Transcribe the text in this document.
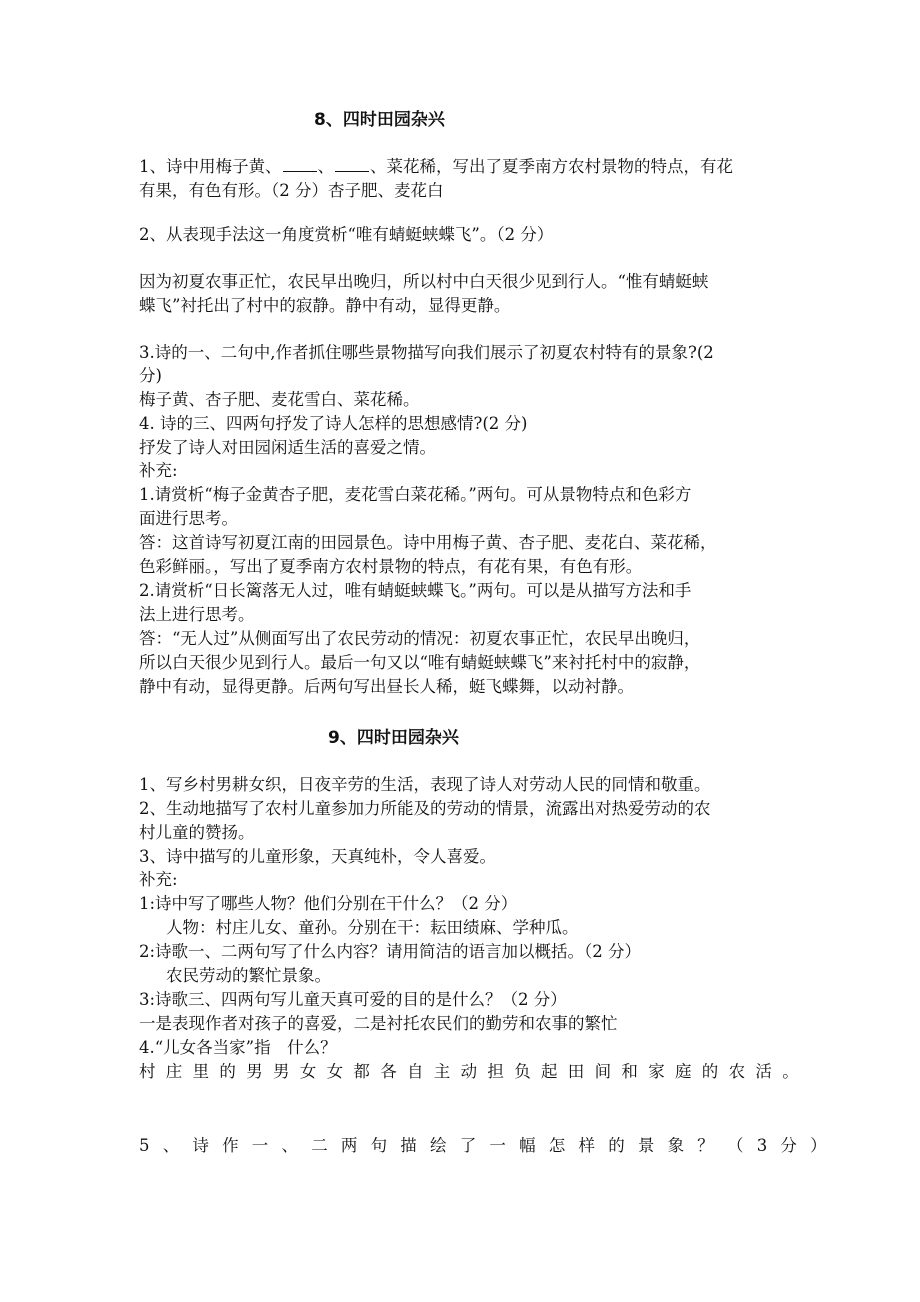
8、四时田园杂兴
1、诗中用梅子黄、 、 、菜花稀，写出了夏季南方农村景物的特点，有花
有果，有色有形。（2 分）杏子肥、麦花白
2、从表现手法这一角度赏析“唯有蜻蜓蛱蝶飞”。（2 分）
因为初夏农事正忙，农民早出晚归，所以村中白天很少见到行人。“惟有蜻蜓蛱
蝶飞”衬托出了村中的寂静。静中有动，显得更静。
3.诗的一、二句中,作者抓住哪些景物描写向我们展示了初夏农村特有的景象?(2
分)
梅子黄、杏子肥、麦花雪白、菜花稀。
4. 诗的三、四两句抒发了诗人怎样的思想感情?(2 分)
抒发了诗人对田园闲适生活的喜爱之情。
补充:
1.请赏析“梅子金黄杏子肥，麦花雪白菜花稀。”两句。可从景物特点和色彩方
面进行思考。
答：这首诗写初夏江南的田园景色。诗中用梅子黄、杏子肥、麦花白、菜花稀，
色彩鲜丽。，写出了夏季南方农村景物的特点，有花有果，有色有形。
2.请赏析“日长篱落无人过，唯有蜻蜓蛱蝶飞。”两句。可以是从描写方法和手
法上进行思考。
答：“无人过”从侧面写出了农民劳动的情况：初夏农事正忙，农民早出晚归，
所以白天很少见到行人。最后一句又以“唯有蜻蜓蛱蝶飞”来衬托村中的寂静，
静中有动，显得更静。后两句写出昼长人稀，蜓飞蝶舞，以动衬静。
9、四时田园杂兴
1、写乡村男耕女织，日夜辛劳的生活，表现了诗人对劳动人民的同情和敬重。
2、生动地描写了农村儿童参加力所能及的劳动的情景，流露出对热爱劳动的农
村儿童的赞扬。
3、诗中描写的儿童形象，天真纯朴，令人喜爱。
补充:
1:诗中写了哪些人物？他们分别在干什么？（2 分）
人物：村庄儿女、童孙。分别在干：耘田绩麻、学种瓜。
2:诗歌一、二两句写了什么内容？请用简洁的语言加以概括。（2 分）
农民劳动的繁忙景象。
3:诗歌三、四两句写儿童天真可爱的目的是什么？（2 分）
一是表现作者对孩子的喜爱，二是衬托农民们的勤劳和农事的繁忙
4.“儿女各当家”指　什么？
村庄里的男男女女都各自主动担负起田间和家庭的农活。
5、诗作一、二两句描绘了一幅怎样的景象？（3分）
